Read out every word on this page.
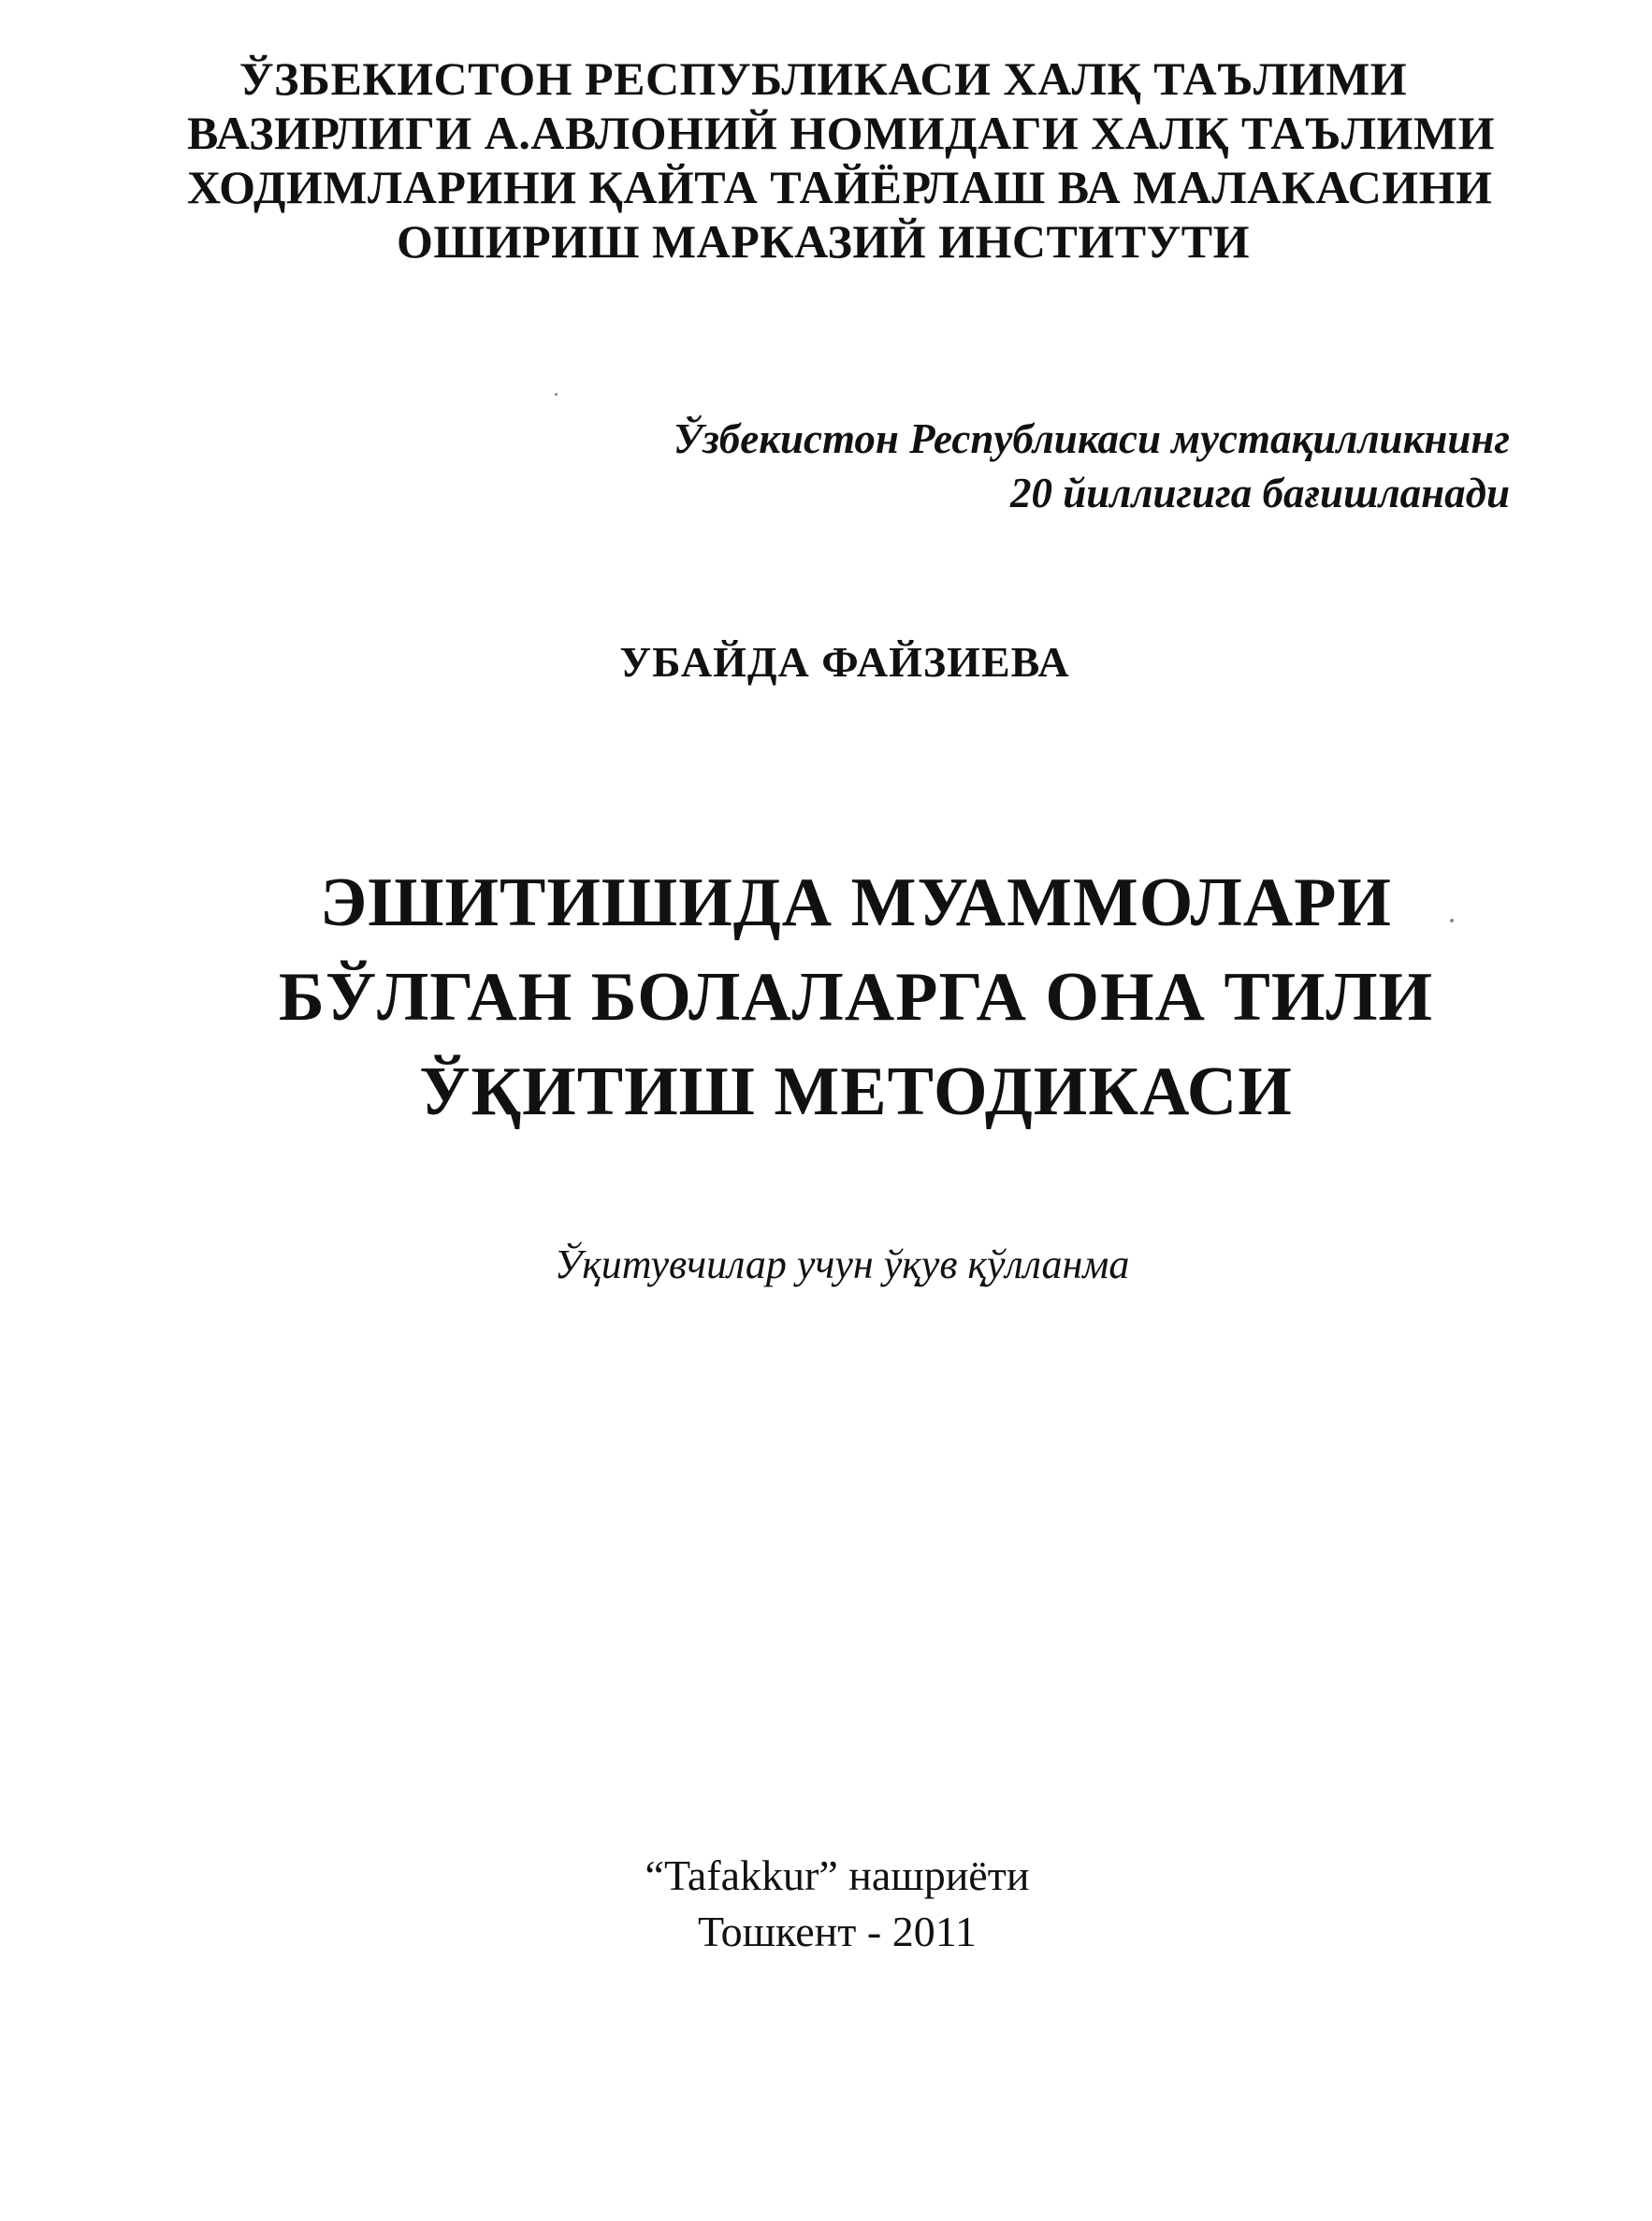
ЎЗБЕКИСТОН РЕСПУБЛИКАСИ ХАЛҚ ТАЪЛИМИ
ВАЗИРЛИГИ А.АВЛОНИЙ НОМИДАГИ ХАЛҚ ТАЪЛИМИ
ХОДИМЛАРИНИ ҚАЙТА ТАЙЁРЛАШ ВА МАЛАКАСИНИ
ОШИРИШ МАРКАЗИЙ ИНСТИТУТИ
Ўзбекистон Республикаси мустақилликнинг
20 йиллигига бағишланади
УБАЙДА ФАЙЗИЕВА
ЭШИТИШИДА МУАММОЛАРИ
БЎЛГАН БОЛАЛАРГА ОНА ТИЛИ
ЎҚИТИШ МЕТОДИКАСИ
Ўқитувчилар учун ўқув қўлланма
“Tafakkur” нашриёти
Тошкент - 2011
